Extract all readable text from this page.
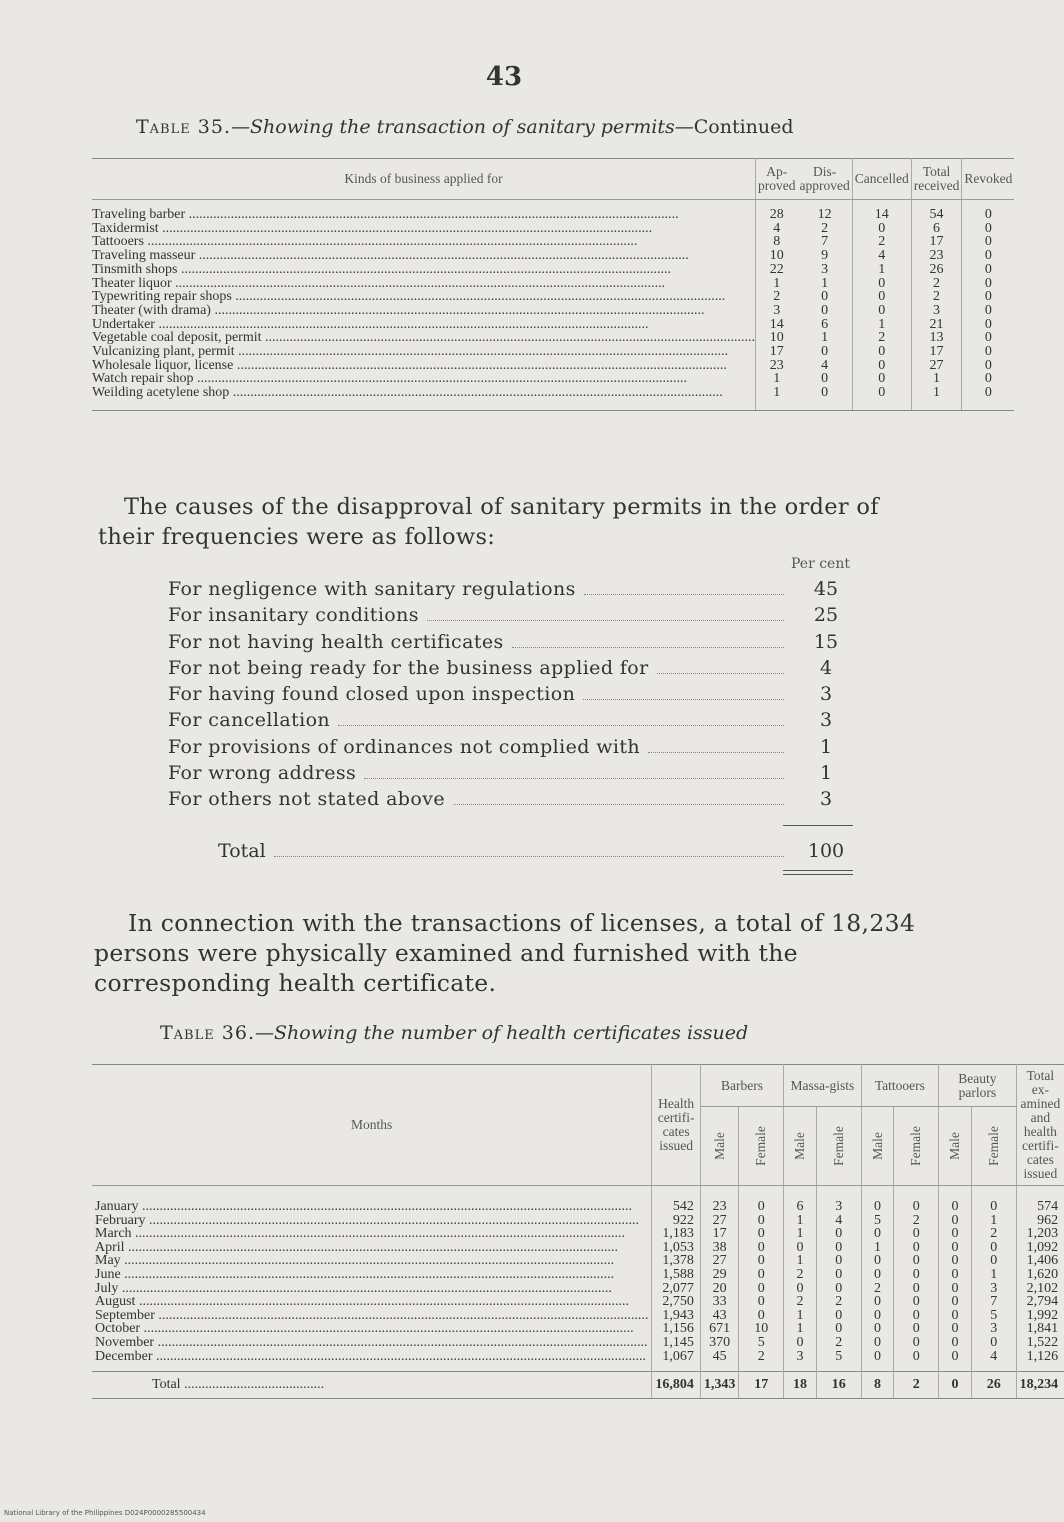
43
Table 35.—Showing the transaction of sanitary permits—Continued
Kinds of business applied for	Ap-proved	Dis-approved	Cancelled	Total received	Revoked
Traveling barber ............................................................................................................................................	28	12	14	54	0
Taxidermist ............................................................................................................................................	4	2	0	6	0
Tattooers ............................................................................................................................................	8	7	2	17	0
Traveling masseur ............................................................................................................................................	10	9	4	23	0
Tinsmith shops ............................................................................................................................................	22	3	1	26	0
Theater liquor ............................................................................................................................................	1	1	0	2	0
Typewriting repair shops ............................................................................................................................................	2	0	0	2	0
Theater (with drama) ............................................................................................................................................	3	0	0	3	0
Undertaker ............................................................................................................................................	14	6	1	21	0
Vegetable coal deposit, permit ............................................................................................................................................	10	1	2	13	0
Vulcanizing plant, permit ............................................................................................................................................	17	0	0	17	0
Wholesale liquor, license ............................................................................................................................................	23	4	0	27	0
Watch repair shop ............................................................................................................................................	1	0	0	1	0
Weilding acetylene shop ............................................................................................................................................	1	0	0	1	0
The causes of the disapproval of sanitary permits in the order of their frequencies were as follows:
Per cent
For negligence with sanitary regulations	45
For insanitary conditions	25
For not having health certificates	15
For not being ready for the business applied for	4
For having found closed upon inspection	3
For cancellation	3
For provisions of ordinances not complied with	1
For wrong address	1
For others not stated above	3
Total	100
In connection with the transactions of licenses, a total of 18,234 persons were physically examined and furnished with the corresponding health certificate.
Table 36.—Showing the number of health certificates issued
Months	Health certifi-cates issued	Barbers		Massa-gists		Tattooers		Beauty parlors		Total ex-amined and health certifi-cates issued
		Male	Female	Male	Female	Male	Female	Male	Female	
January ............................................................................................................................................	542	23	0	6	3	0	0	0	0	574
February ............................................................................................................................................	922	27	0	1	4	5	2	0	1	962
March ............................................................................................................................................	1,183	17	0	1	0	0	0	0	2	1,203
April ............................................................................................................................................	1,053	38	0	0	0	1	0	0	0	1,092
May ............................................................................................................................................	1,378	27	0	1	0	0	0	0	0	1,406
June ............................................................................................................................................	1,588	29	0	2	0	0	0	0	1	1,620
July ............................................................................................................................................	2,077	20	0	0	0	2	0	0	3	2,102
August ............................................................................................................................................	2,750	33	0	2	2	0	0	0	7	2,794
September ............................................................................................................................................	1,943	43	0	1	0	0	0	0	5	1,992
October ............................................................................................................................................	1,156	671	10	1	0	0	0	0	3	1,841
November ............................................................................................................................................	1,145	370	5	0	2	0	0	0	0	1,522
December ............................................................................................................................................	1,067	45	2	3	5	0	0	0	4	1,126
Total ........................................	16,804	1,343	17	18	16	8	2	0	26	18,234
National Library of the Philippines D024P0000285500434
